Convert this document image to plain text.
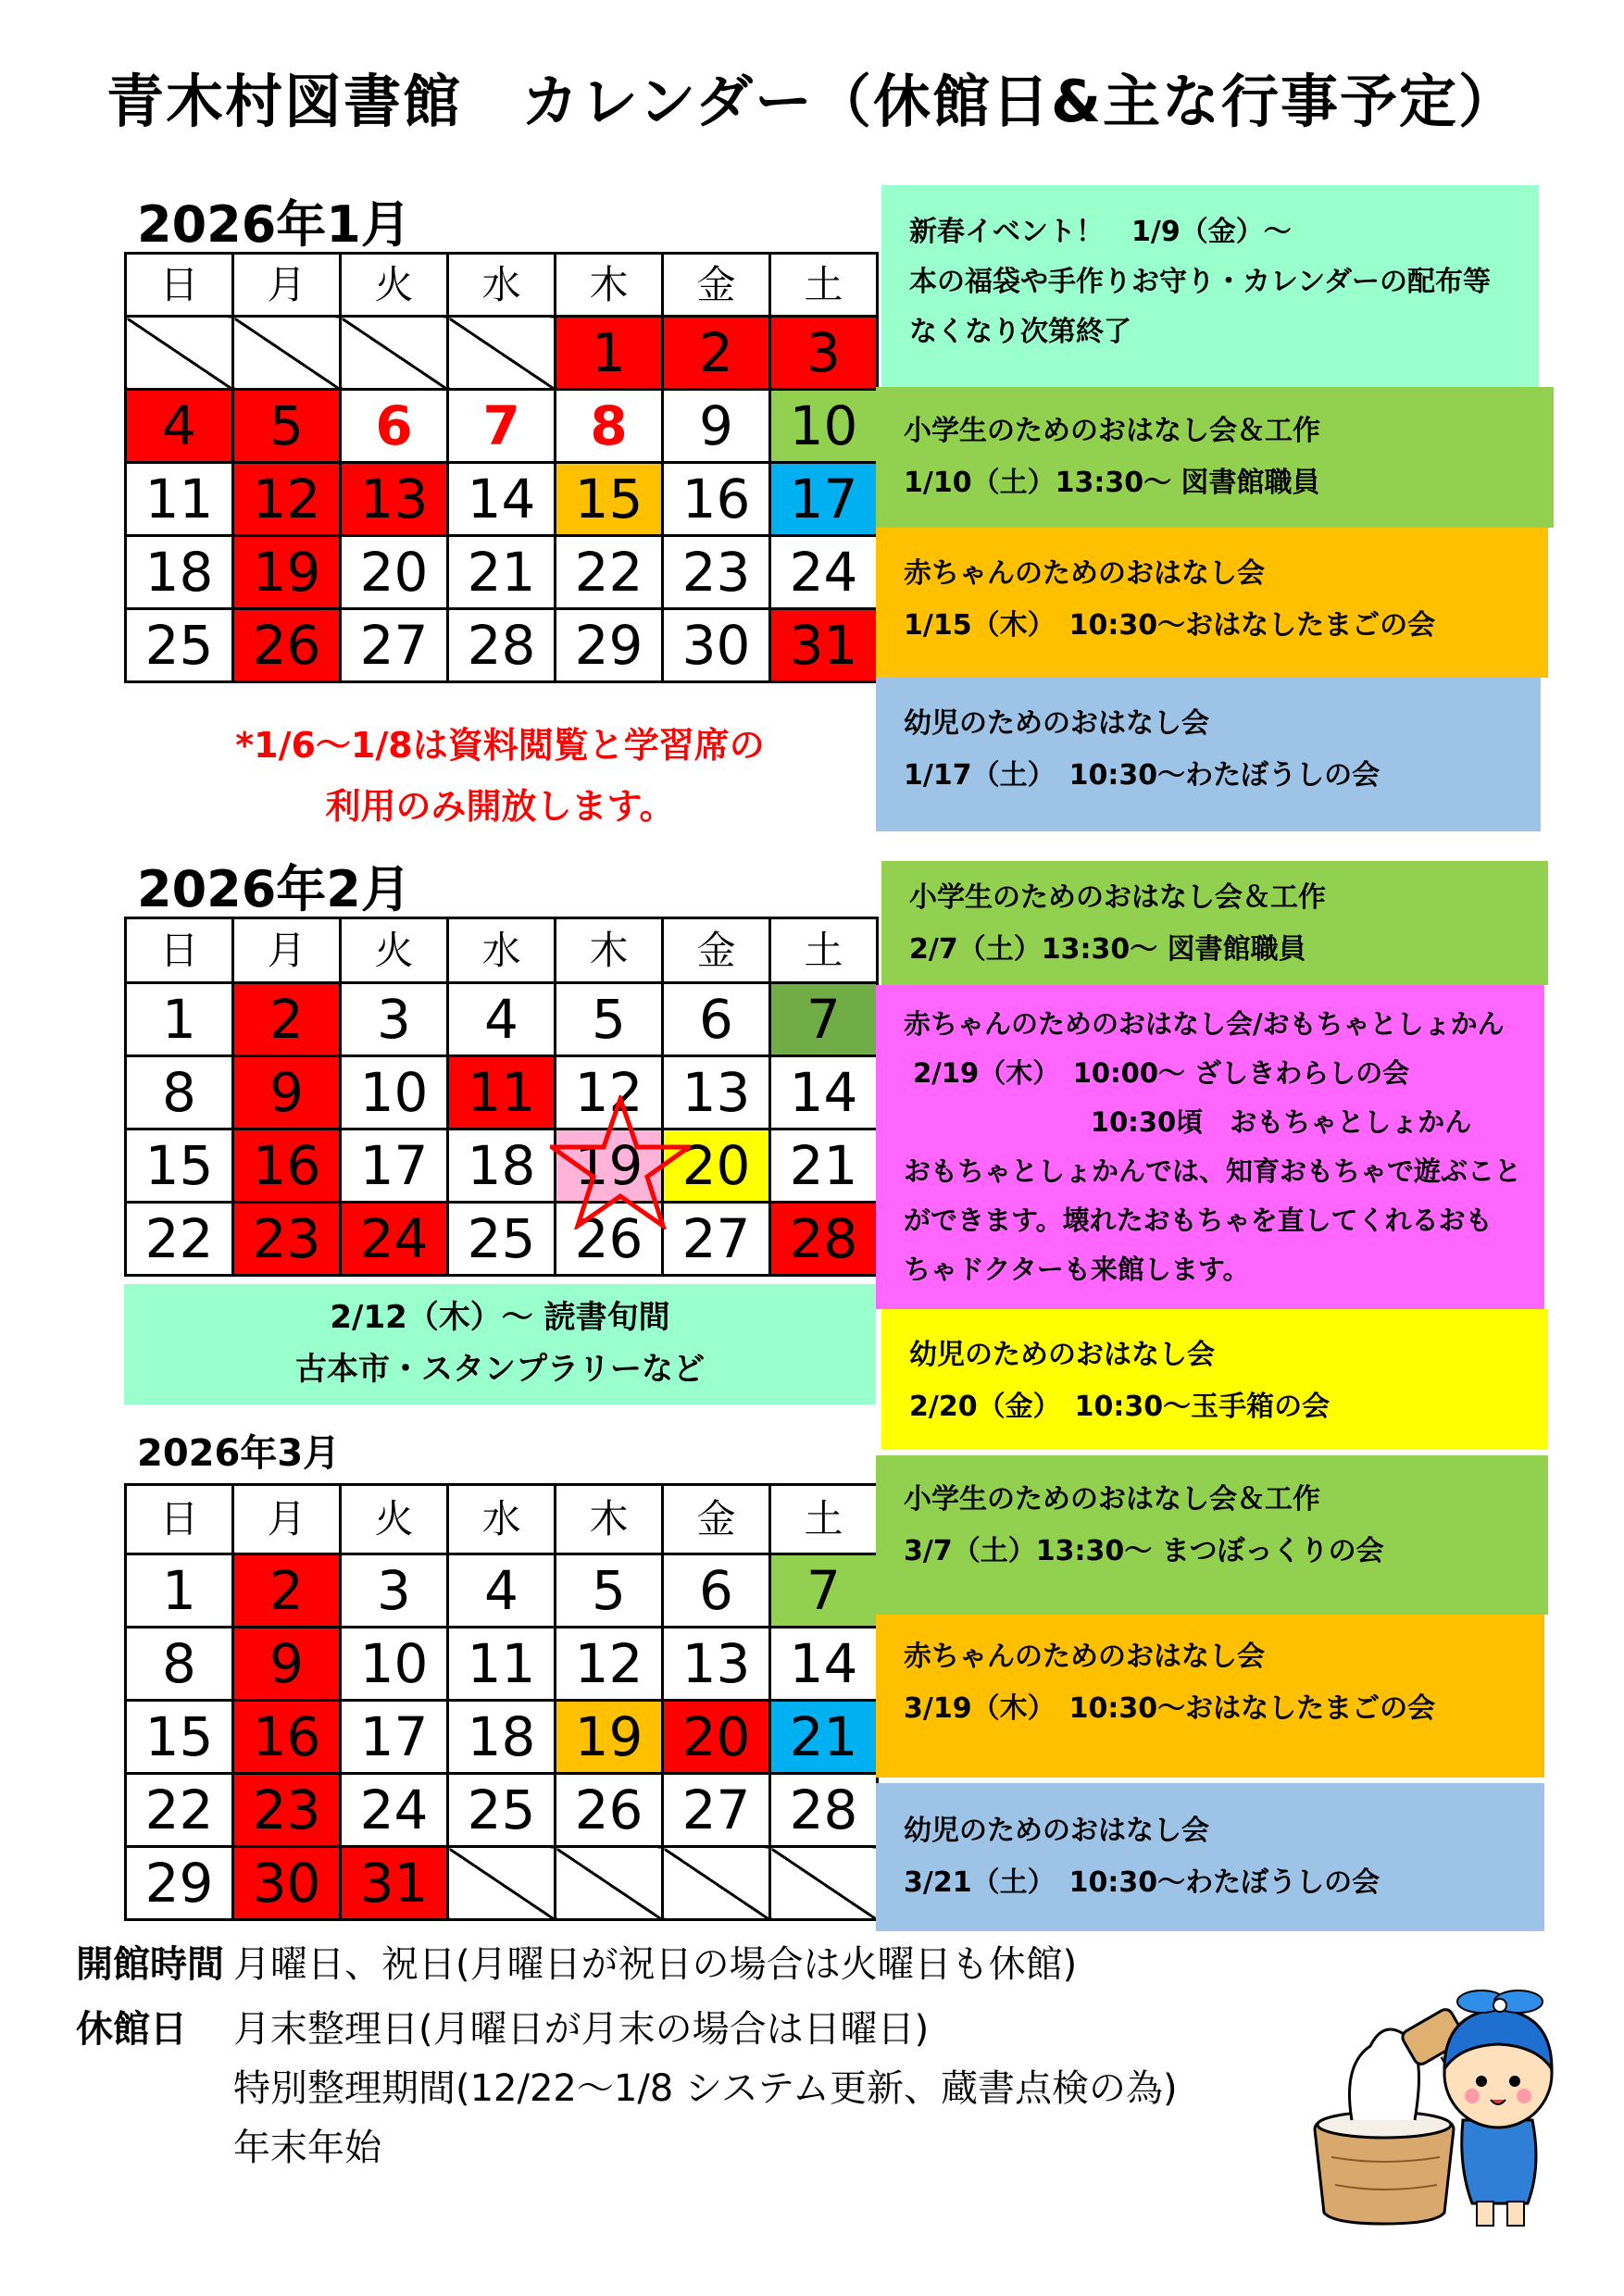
青木村図書館　カレンダー（休館日&主な行事予定）
2026年1月
日	月	火	水	木	金	土
				1	2	3
4	5	6	7	8	9	10
11	12	13	14	15	16	17
18	19	20	21	22	23	24
25	26	27	28	29	30	31
*1/6〜1/8は資料閲覧と学習席の
利用のみ開放します。
2026年2月
日	月	火	水	木	金	土
1	2	3	4	5	6	7
8	9	10	11	12	13	14
15	16	17	18	19	20	21
22	23	24	25	26	27	28
2/12（木）〜 読書旬間
古本市・スタンプラリーなど
2026年3月
日	月	火	水	木	金	土
1	2	3	4	5	6	7
8	9	10	11	12	13	14
15	16	17	18	19	20	21
22	23	24	25	26	27	28
29	30	31				
新春イベント！　1/9（金）〜
本の福袋や手作りお守り・カレンダーの配布等
なくなり次第終了
小学生のためのおはなし会＆工作
1/10（土）13:30〜 図書館職員
赤ちゃんのためのおはなし会
1/15（木）　10:30〜おはなしたまごの会
幼児のためのおはなし会
1/17（土）　10:30〜わたぼうしの会
小学生のためのおはなし会＆工作
2/7（土）13:30〜 図書館職員
赤ちゃんのためのおはなし会/おもちゃとしょかん
2/19（木）　10:00〜 ざしきわらしの会
10:30頃　おもちゃとしょかん
おもちゃとしょかんでは、知育おもちゃで遊ぶこと
ができます。壊れたおもちゃを直してくれるおも
ちゃドクターも来館します。
幼児のためのおはなし会
2/20（金）　10:30〜玉手箱の会
小学生のためのおはなし会＆工作
3/7（土）13:30〜 まつぼっくりの会
赤ちゃんのためのおはなし会
3/19（木）　10:30〜おはなしたまごの会
幼児のためのおはなし会
3/21（土）　10:30〜わたぼうしの会
開館時間 月曜日、祝日(月曜日が祝日の場合は火曜日も休館)
休館日 月末整理日(月曜日が月末の場合は日曜日)
特別整理期間(12/22〜1/8 システム更新、蔵書点検の為)
年末年始
